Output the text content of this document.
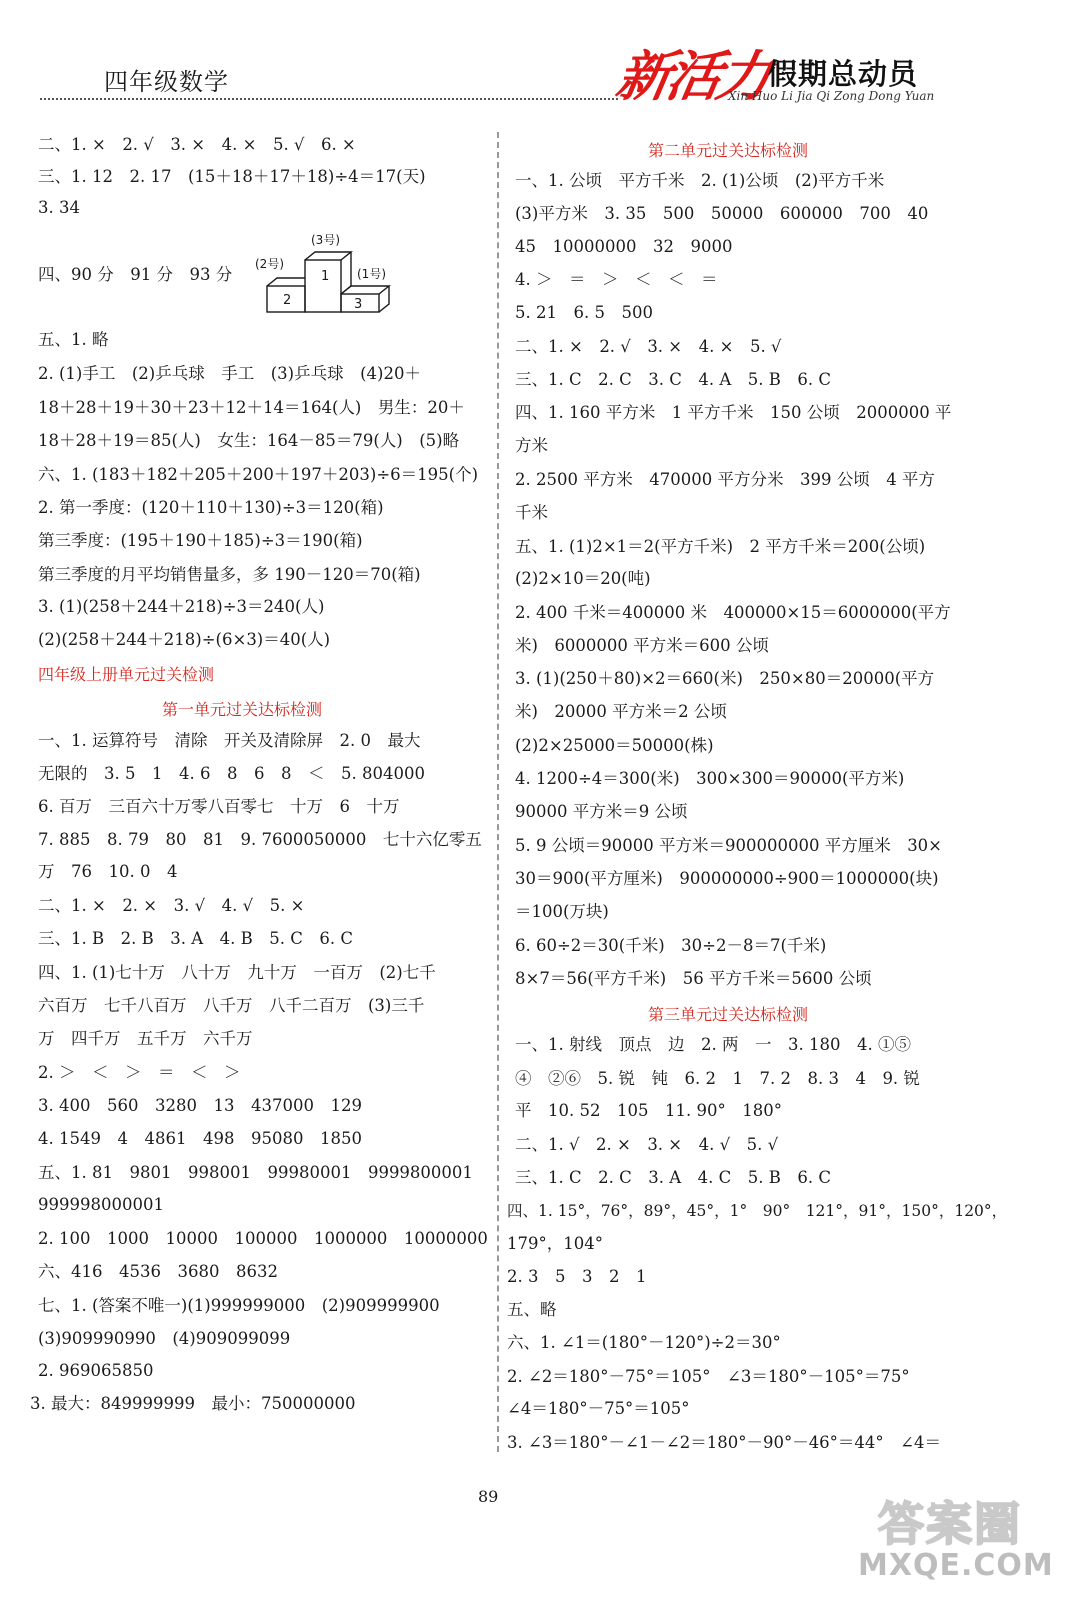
四年级数学	新活力
假期总动员
Xin Huo Li Jia Qi Zong Dong Yuan
二、1. ×　2. √　3. ×　4. ×　5. √　6. ×
三、1. 12　2. 17　(15＋18＋17＋18)÷4＝17(天)
3. 34
四、90 分　91 分　93 分	1
2	3
(3号)
(2号)
(1号)
五、1. 略
2. (1)手工　(2)乒乓球　手工　(3)乒乓球　(4)20＋
18＋28＋19＋30＋23＋12＋14＝164(人)　男生：20＋
18＋28＋19＝85(人)　女生：164－85＝79(人)　(5)略
六、1. (183＋182＋205＋200＋197＋203)÷6＝195(个)
2. 第一季度：(120＋110＋130)÷3＝120(箱)
第三季度：(195＋190＋185)÷3＝190(箱)
第三季度的月平均销售量多，多 190－120＝70(箱)
3. (1)(258＋244＋218)÷3＝240(人)
(2)(258＋244＋218)÷(6×3)＝40(人)
四年级上册单元过关检测
第一单元过关达标检测
一、1. 运算符号　清除　开关及清除屏　2. 0　最大
无限的　3. 5　1　4. 6　8　6　8　＜　5. 804000
6. 百万　三百六十万零八百零七　十万　6　十万
7. 885　8. 79　80　81　9. 7600050000　七十六亿零五
万　76　10. 0　4
二、1. ×　2. ×　3. √　4. √　5. ×
三、1. B　2. B　3. A　4. B　5. C　6. C
四、1. (1)七十万　八十万　九十万　一百万　(2)七千
六百万　七千八百万　八千万　八千二百万　(3)三千
万　四千万　五千万　六千万
2. ＞　＜　＞　＝　＜　＞
3. 400　560　3280　13　437000　129
4. 1549　4　4861　498　95080　1850
五、1. 81　9801　998001　99980001　9999800001
999998000001
2. 100　1000　10000　100000　1000000　10000000
六、416　4536　3680　8632
七、1. (答案不唯一)(1)999999000　(2)909999900
(3)909990990　(4)909099099
2. 969065850
3. 最大：849999999　最小：750000000
第二单元过关达标检测
一、1. 公顷　平方千米　2. (1)公顷　(2)平方千米
(3)平方米　3. 35　500　50000　600000　700　40
45　10000000　32　9000
4. ＞　＝　＞　＜　＜　＝
5. 21　6. 5　500
二、1. ×　2. √　3. ×　4. ×　5. √
三、1. C　2. C　3. C　4. A　5. B　6. C
四、1. 160 平方米　1 平方千米　150 公顷　2000000 平
方米
2. 2500 平方米　470000 平方分米　399 公顷　4 平方
千米
五、1. (1)2×1＝2(平方千米)　2 平方千米＝200(公顷)
(2)2×10＝20(吨)
2. 400 千米＝400000 米　400000×15＝6000000(平方
米)　6000000 平方米＝600 公顷
3. (1)(250＋80)×2＝660(米)　250×80＝20000(平方
米)　20000 平方米＝2 公顷
(2)2×25000＝50000(株)
4. 1200÷4＝300(米)　300×300＝90000(平方米)
90000 平方米＝9 公顷
5. 9 公顷＝90000 平方米＝900000000 平方厘米　30×
30＝900(平方厘米)　900000000÷900＝1000000(块)
＝100(万块)
6. 60÷2＝30(千米)　30÷2－8＝7(千米)
8×7＝56(平方千米)　56 平方千米＝5600 公顷
第三单元过关达标检测
一、1. 射线　顶点　边　2. 两　一　3. 180　4. ①⑤
④　②⑥　5. 锐　钝　6. 2　1　7. 2　8. 3　4　9. 锐
平　10. 52　105　11. 90°　180°
二、1. √　2. ×　3. ×　4. √　5. √
三、1. C　2. C　3. A　4. C　5. B　6. C
四、1. 15°，76°，89°，45°，1°　90°　121°，91°，150°，120°，
179°，104°
2. 3　5　3　2　1
五、略
六、1. ∠1＝(180°－120°)÷2＝30°
2. ∠2＝180°－75°＝105°　∠3＝180°－105°＝75°
∠4＝180°－75°＝105°
3. ∠3＝180°－∠1－∠2＝180°－90°－46°＝44°　∠4＝
89
答案圈
MXQE.COM
